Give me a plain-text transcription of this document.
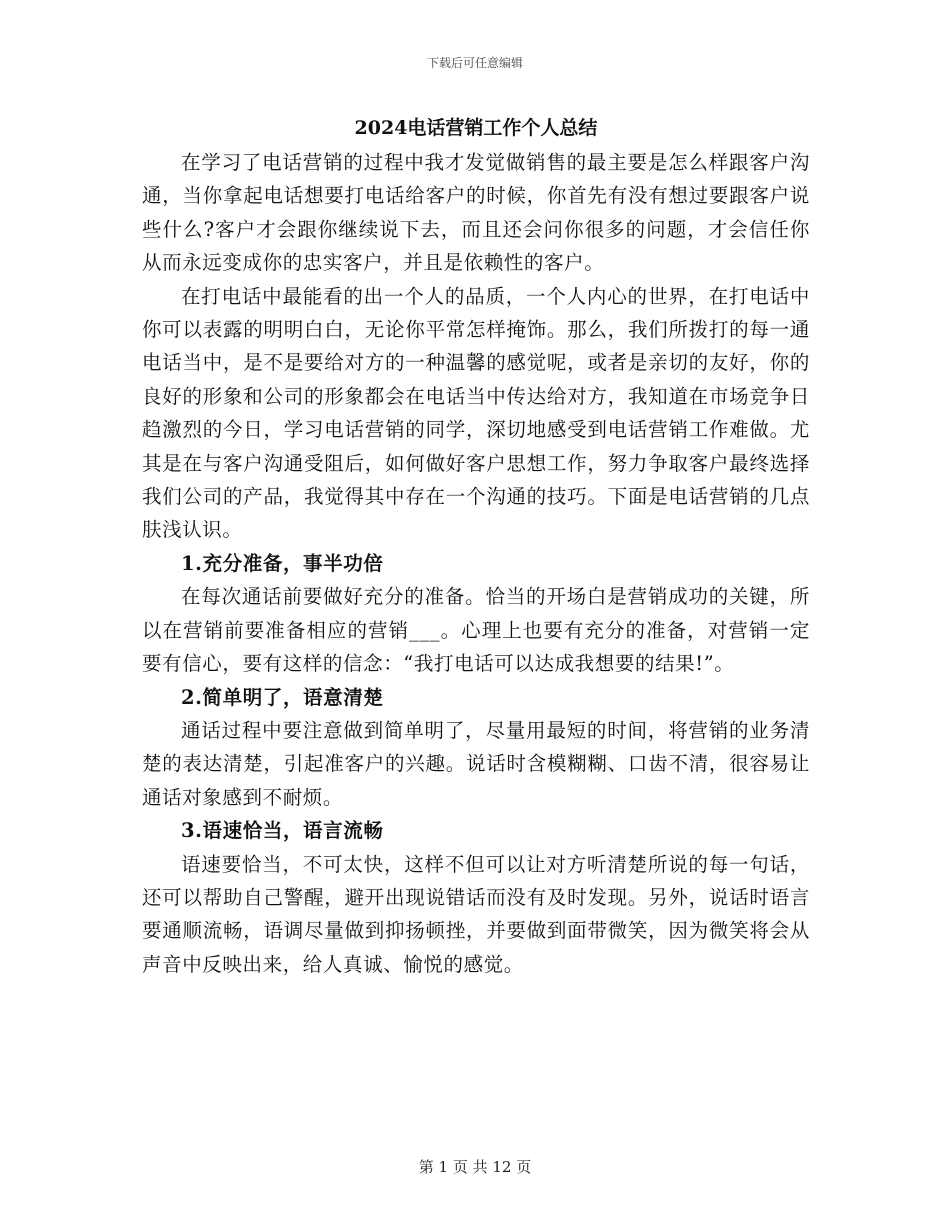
下载后可任意编辑
2024电话营销工作个人总结

在学习了电话营销的过程中我才发觉做销售的最主要是怎么样跟客户沟通，当你拿起电话想要打电话给客户的时候，你首先有没有想过要跟客户说些什么?客户才会跟你继续说下去，而且还会问你很多的问题，才会信任你从而永远变成你的忠实客户，并且是依赖性的客户。

在打电话中最能看的出一个人的品质，一个人内心的世界，在打电话中你可以表露的明明白白，无论你平常怎样掩饰。那么，我们所拨打的每一通电话当中，是不是要给对方的一种温馨的感觉呢，或者是亲切的友好，你的良好的形象和公司的形象都会在电话当中传达给对方，我知道在市场竞争日趋激烈的今日，学习电话营销的同学，深切地感受到电话营销工作难做。尤其是在与客户沟通受阻后，如何做好客户思想工作，努力争取客户最终选择我们公司的产品，我觉得其中存在一个沟通的技巧。下面是电话营销的几点肤浅认识。

1.充分准备，事半功倍

在每次通话前要做好充分的准备。恰当的开场白是营销成功的关键，所以在营销前要准备相应的营销___。心理上也要有充分的准备，对营销一定要有信心，要有这样的信念：“我打电话可以达成我想要的结果!”。

2.简单明了，语意清楚

通话过程中要注意做到简单明了，尽量用最短的时间，将营销的业务清楚的表达清楚，引起准客户的兴趣。说话时含模糊糊、口齿不清，很容易让通话对象感到不耐烦。

3.语速恰当，语言流畅

语速要恰当，不可太快，这样不但可以让对方听清楚所说的每一句话，还可以帮助自己警醒，避开出现说错话而没有及时发现。另外，说话时语言要通顺流畅，语调尽量做到抑扬顿挫，并要做到面带微笑，因为微笑将会从声音中反映出来，给人真诚、愉悦的感觉。

第 1 页 共 12 页
